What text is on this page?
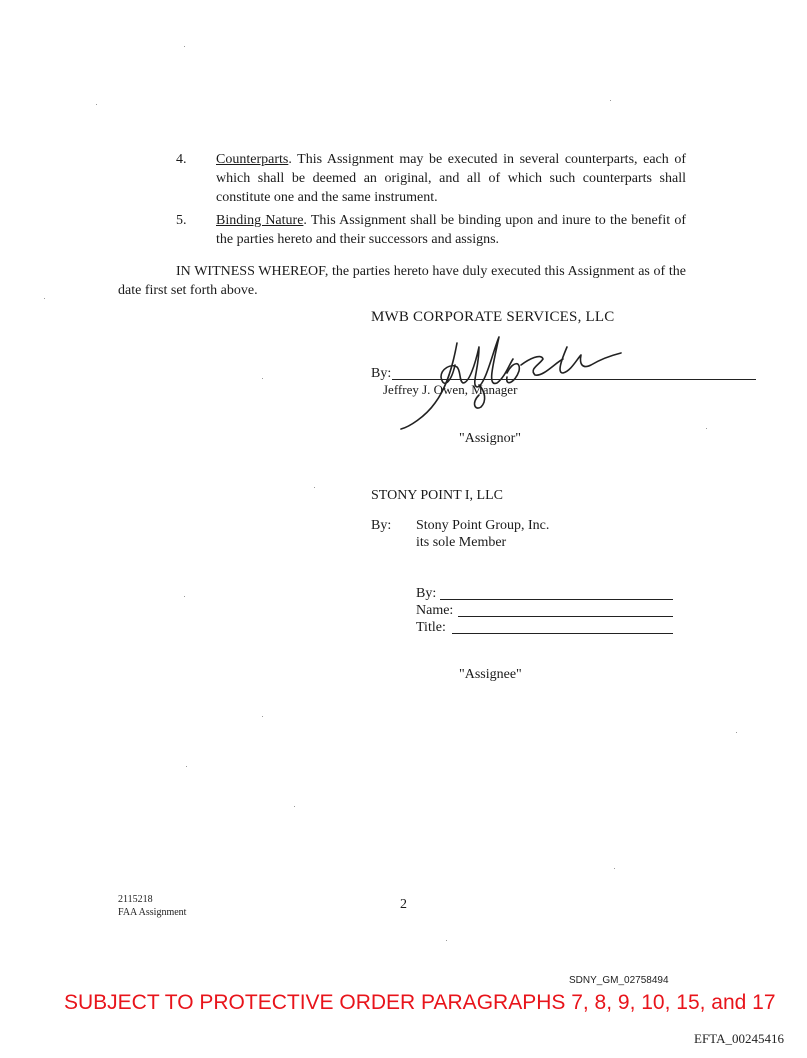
4. Counterparts. This Assignment may be executed in several counterparts, each of which shall be deemed an original, and all of which such counterparts shall constitute one and the same instrument.
5. Binding Nature. This Assignment shall be binding upon and inure to the benefit of the parties hereto and their successors and assigns.
IN WITNESS WHEREOF, the parties hereto have duly executed this Assignment as of the date first set forth above.
MWB CORPORATE SERVICES, LLC
By:
Jeffrey J. Owen, Manager
"Assignor"
STONY POINT I, LLC
By: Stony Point Group, Inc.
its sole Member
By:
Name:
Title:
"Assignee"
2115218
FAA Assignment
2
SDNY_GM_02758494
SUBJECT TO PROTECTIVE ORDER PARAGRAPHS 7, 8, 9, 10, 15, and 17
EFTA_00245416
